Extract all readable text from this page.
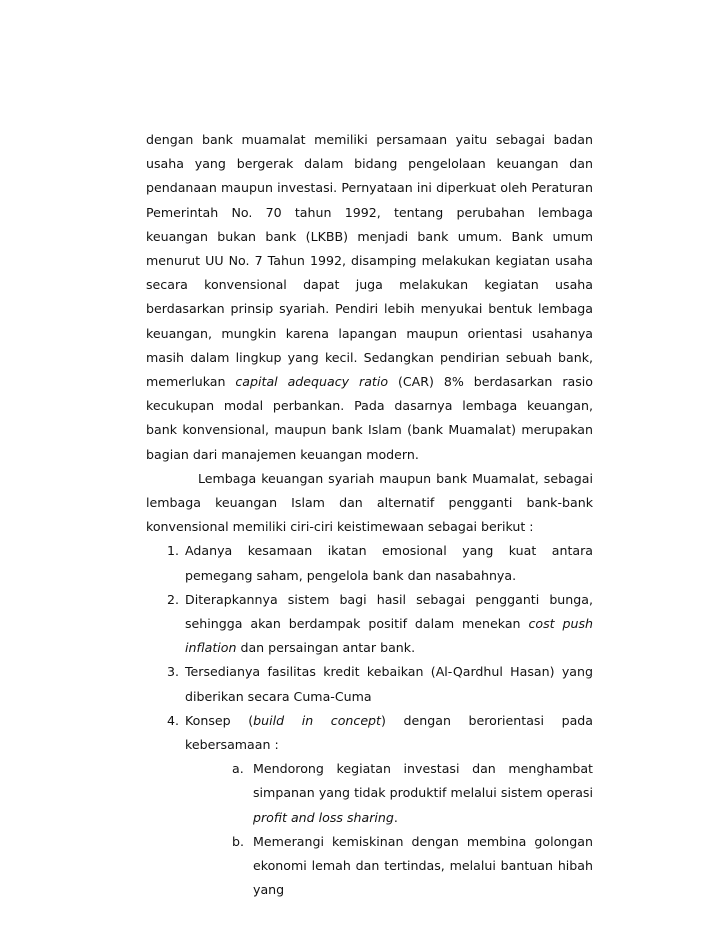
dengan bank muamalat memiliki persamaan yaitu sebagai badan usaha yang bergerak dalam bidang pengelolaan keuangan dan pendanaan maupun investasi. Pernyataan ini diperkuat oleh Peraturan Pemerintah No. 70 tahun 1992, tentang perubahan lembaga keuangan bukan bank (LKBB) menjadi bank umum. Bank umum menurut UU No. 7 Tahun 1992, disamping melakukan kegiatan usaha secara konvensional dapat juga melakukan kegiatan usaha berdasarkan prinsip syariah. Pendiri lebih menyukai bentuk lembaga keuangan, mungkin karena lapangan maupun orientasi usahanya masih dalam lingkup yang kecil. Sedangkan pendirian sebuah bank, memerlukan capital adequacy ratio (CAR) 8% berdasarkan rasio kecukupan modal perbankan. Pada dasarnya lembaga keuangan, bank konvensional, maupun bank Islam (bank Muamalat) merupakan bagian dari manajemen keuangan modern.

Lembaga keuangan syariah maupun bank Muamalat, sebagai lembaga keuangan Islam dan alternatif pengganti bank-bank konvensional memiliki ciri-ciri keistimewaan sebagai berikut :

1. Adanya kesamaan ikatan emosional yang kuat antara pemegang saham, pengelola bank dan nasabahnya.
2. Diterapkannya sistem bagi hasil sebagai pengganti bunga, sehingga akan berdampak positif dalam menekan cost push inflation dan persaingan antar bank.
3. Tersedianya fasilitas kredit kebaikan (Al-Qardhul Hasan) yang diberikan secara Cuma-Cuma
4. Konsep (build in concept) dengan berorientasi pada kebersamaan :
a. Mendorong kegiatan investasi dan menghambat simpanan yang tidak produktif melalui sistem operasi profit and loss sharing.
b. Memerangi kemiskinan dengan membina golongan ekonomi lemah dan tertindas, melalui bantuan hibah yang
